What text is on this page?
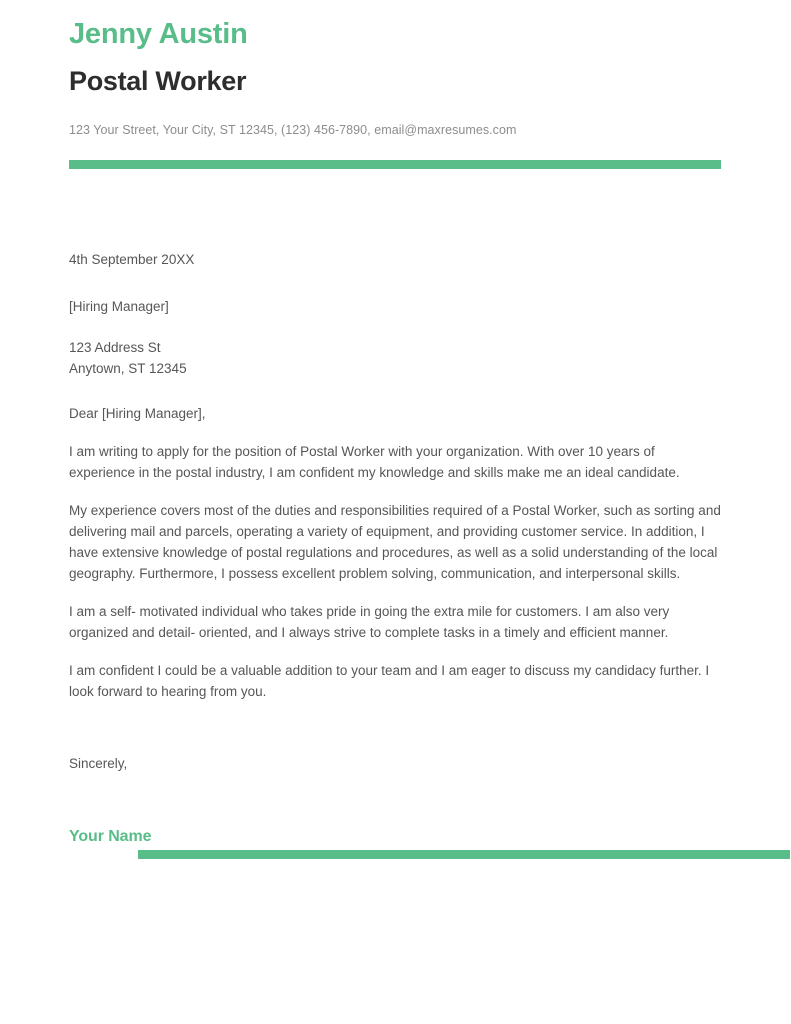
Jenny Austin
Postal Worker

123 Your Street, Your City, ST 12345, (123) 456-7890, email@maxresumes.com

4th September 20XX

[Hiring Manager]

123 Address St
Anytown, ST 12345

Dear [Hiring Manager],

I am writing to apply for the position of Postal Worker with your organization. With over 10 years of experience in the postal industry, I am confident my knowledge and skills make me an ideal candidate.

My experience covers most of the duties and responsibilities required of a Postal Worker, such as sorting and delivering mail and parcels, operating a variety of equipment, and providing customer service. In addition, I have extensive knowledge of postal regulations and procedures, as well as a solid understanding of the local geography. Furthermore, I possess excellent problem solving, communication, and interpersonal skills.

I am a self- motivated individual who takes pride in going the extra mile for customers. I am also very organized and detail- oriented, and I always strive to complete tasks in a timely and efficient manner.

I am confident I could be a valuable addition to your team and I am eager to discuss my candidacy further. I look forward to hearing from you.

Sincerely,

Your Name
